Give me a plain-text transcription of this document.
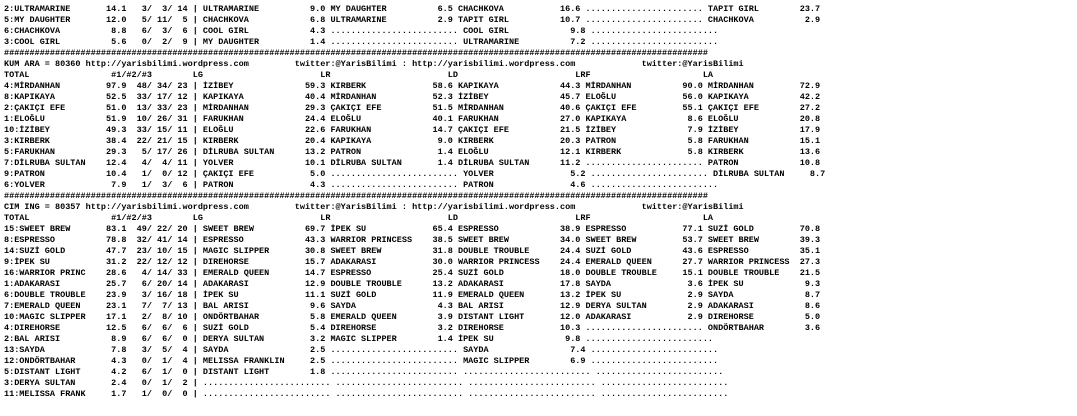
2:ULTRAMARINE       14.1   3/  3/ 14 | ULTRAMARINE          9.0 MY DAUGHTER          6.5 CHACHKOVA           16.6 ....................... TAPIT GIRL        23.7
5:MY DAUGHTER       12.0   5/ 11/  5 | CHACHKOVA            6.8 ULTRAMARINE          2.9 TAPIT GIRL          10.7 ....................... CHACHKOVA          2.9
6:CHACHKOVA          8.8   6/  3/  6 | COOL GIRL            4.3 ......................... COOL GIRL            9.8 .........................
3:COOL GIRL          5.6   0/  2/  9 | MY DAUGHTER          1.4 ......................... ULTRAMARINE          7.2 .........................
##########################################################################################################################################
KUM ARA = 80360 http://yarisbilimi.wordpress.com         twitter:@YarisBilimi : http://yarisbilimi.wordpress.com             twitter:@YarisBilimi
TOTAL                #1/#2/#3        LG                       LR                       LD                       LRF                      LA
4:MİRDANHAN         97.9  48/ 34/ 23 | İZİBEY              59.3 KIRBERK             58.6 KAPIKAYA            44.3 MİRDANHAN          90.0 MİRDANHAN         72.9
8:KAPIKAYA          52.5  33/ 17/ 12 | KAPIKAYA            40.4 MİRDANHAN           52.3 İZİBEY              45.7 ELOĞLU             56.0 KAPIKAYA          42.2
2:ÇAKIÇI EFE        51.0  13/ 33/ 23 | MİRDANHAN           29.3 ÇAKIÇI EFE          51.5 MİRDANHAN           40.6 ÇAKIÇI EFE         55.1 ÇAKIÇI EFE        27.2
1:ELOĞLU            51.9  10/ 26/ 31 | FARUKHAN            24.4 ELOĞLU              40.1 FARUKHAN            27.0 KAPIKAYA            8.6 ELOĞLU            20.8
10:İZİBEY           49.3  33/ 15/ 11 | ELOĞLU              22.6 FARUKHAN            14.7 ÇAKIÇI EFE          21.5 İZİBEY              7.9 İZİBEY            17.9
3:KIRBERK           38.4  22/ 21/ 15 | KIRBERK             20.4 KAPIKAYA             9.0 KIRBERK             20.3 PATRON              5.8 FARUKHAN          15.1
5:FARUKHAN          29.3   5/ 17/ 26 | DİLRUBA SULTAN      13.2 PATRON               1.4 ELOĞLU              12.1 KIRBERK             5.8 KIRBERK           13.6
7:DİLRUBA SULTAN    12.4   4/  4/ 11 | YOLVER              10.1 DİLRUBA SULTAN       1.4 DİLRUBA SULTAN      11.2 ....................... PATRON            10.8
9:PATRON            10.4   1/  0/ 12 | ÇAKIÇI EFE           5.0 ......................... YOLVER               5.2 ....................... DİLRUBA SULTAN     8.7
6:YOLVER             7.9   1/  3/  6 | PATRON               4.3 ......................... PATRON               4.6 .........................
##########################################################################################################################################
CIM ING = 80357 http://yarisbilimi.wordpress.com         twitter:@YarisBilimi : http://yarisbilimi.wordpress.com             twitter:@YarisBilimi
TOTAL                #1/#2/#3        LG                       LR                       LD                       LRF                      LA
15:SWEET BREW       83.1  49/ 22/ 20 | SWEET BREW          69.7 İPEK SU             65.4 ESPRESSO            38.9 ESPRESSO           77.1 SUZİ GOLD         70.8
8:ESPRESSO          78.8  32/ 41/ 14 | ESPRESSO            43.3 WARRIOR PRINCESS    38.5 SWEET BREW          34.0 SWEET BREW         53.7 SWEET BREW        39.3
14:SUZİ GOLD        47.7  23/ 10/ 15 | MAGIC SLIPPER       30.8 SWEET BREW          31.8 DOUBLE TROUBLE      24.4 SUZİ GOLD          43.6 ESPRESSO          35.1
9:İPEK SU           31.2  22/ 12/ 12 | DIREHORSE           15.7 ADAKARASI           30.0 WARRIOR PRINCESS    24.4 EMERALD QUEEN      27.7 WARRIOR PRINCESS  27.3
16:WARRIOR PRINC    28.6   4/ 14/ 33 | EMERALD QUEEN       14.7 ESPRESSO            25.4 SUZİ GOLD           18.0 DOUBLE TROUBLE     15.1 DOUBLE TROUBLE    21.5
1:ADAKARASI         25.7   6/ 20/ 14 | ADAKARASI           12.9 DOUBLE TROUBLE      13.2 ADAKARASI           17.8 SAYDA               3.6 İPEK SU            9.3
6:DOUBLE TROUBLE    23.9   3/ 16/ 18 | İPEK SU             11.1 SUZİ GOLD           11.9 EMERALD QUEEN       13.2 İPEK SU             2.9 SAYDA              8.7
7:EMERALD QUEEN     23.1   7/  7/ 13 | BAL ARISI            9.6 SAYDA                4.3 BAL ARISI           12.9 DERYA SULTAN        2.9 ADAKARASI          8.6
10:MAGIC SLIPPER    17.1   2/  8/ 10 | ONDÖRTBAHAR          5.8 EMERALD QUEEN        3.9 DISTANT LIGHT       12.0 ADAKARASI           2.9 DIREHORSE          5.0
4:DIREHORSE         12.5   6/  6/  6 | SUZİ GOLD            5.4 DIREHORSE            3.2 DIREHORSE           10.3 ....................... ONDÖRTBAHAR        3.6
2:BAL ARISI          8.9   6/  6/  0 | DERYA SULTAN         3.2 MAGIC SLIPPER        1.4 İPEK SU              9.8 .........................
13:SAYDA             7.8   3/  5/  4 | SAYDA                2.5 ......................... SAYDA                7.4 .........................
12:ONDÖRTBAHAR       4.3   0/  1/  4 | MELISSA FRANKLIN     2.5 ......................... MAGIC SLIPPER        6.9 .........................
5:DISTANT LIGHT      4.2   6/  1/  0 | DISTANT LIGHT        1.8 ......................... ......................... .........................
3:DERYA SULTAN       2.4   0/  1/  2 | ......................... ......................... ......................... .........................
11:MELISSA FRANK     1.7   1/  0/  0 | ......................... ......................... ......................... .........................
